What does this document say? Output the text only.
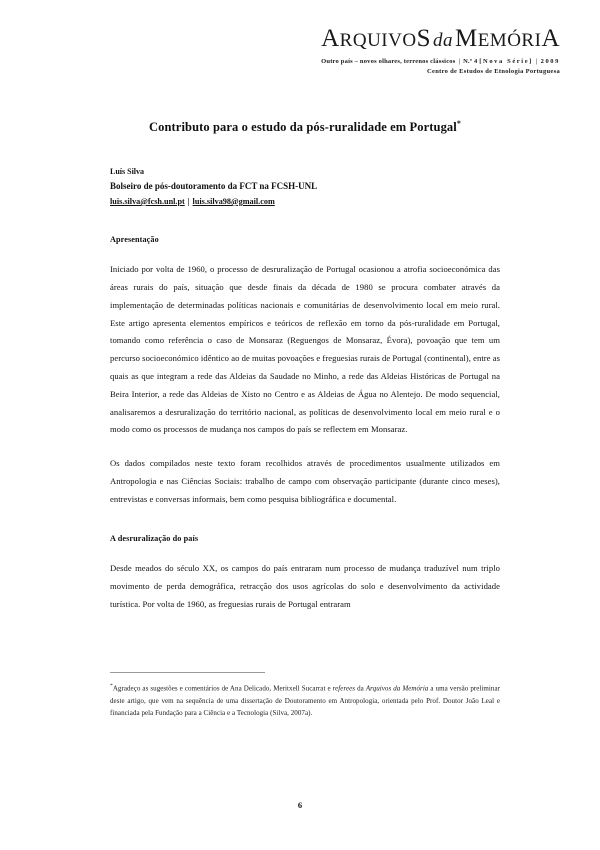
ARQUIVOS daMEMÓRIA
Outro país – novos olhares, terrenos clássicos | N.º 4 [Nova Série] | 2009
Centro de Estudos de Etnologia Portuguesa
Contributo para o estudo da pós-ruralidade em Portugal*
Luís Silva
Bolseiro de pós-doutoramento da FCT na FCSH-UNL
luis.silva@fcsh.unl.pt | luis.silva98@gmail.com
Apresentação

Iniciado por volta de 1960, o processo de desruralização de Portugal ocasionou a atrofia socioeconómica das áreas rurais do país, situação que desde finais da década de 1980 se procura combater através da implementação de determinadas políticas nacionais e comunitárias de desenvolvimento local em meio rural. Este artigo apresenta elementos empíricos e teóricos de reflexão em torno da pós-ruralidade em Portugal, tomando como referência o caso de Monsaraz (Reguengos de Monsaraz, Évora), povoação que tem um percurso socioeconómico idêntico ao de muitas povoações e freguesias rurais de Portugal (continental), entre as quais as que integram a rede das Aldeias da Saudade no Minho, a rede das Aldeias Históricas de Portugal na Beira Interior, a rede das Aldeias de Xisto no Centro e as Aldeias de Água no Alentejo. De modo sequencial, analisaremos a desruralização do território nacional, as políticas de desenvolvimento local em meio rural e o modo como os processos de mudança nos campos do país se reflectem em Monsaraz.

Os dados compilados neste texto foram recolhidos através de procedimentos usualmente utilizados em Antropologia e nas Ciências Sociais: trabalho de campo com observação participante (durante cinco meses), entrevistas e conversas informais, bem como pesquisa bibliográfica e documental.

A desruralização do país

Desde meados do século XX, os campos do país entraram num processo de mudança traduzível num triplo movimento de perda demográfica, retracção dos usos agrícolas do solo e desenvolvimento da actividade turística. Por volta de 1960, as freguesias rurais de Portugal entraram

*Agradeço as sugestões e comentários de Ana Delicado, Meritxell Sucarrat e referees da Arquivos da Memória a uma versão preliminar deste artigo, que vem na sequência de uma dissertação de Doutoramento em Antropologia, orientada pelo Prof. Doutor João Leal e financiada pela Fundação para a Ciência e a Tecnologia (Silva, 2007a).
6
